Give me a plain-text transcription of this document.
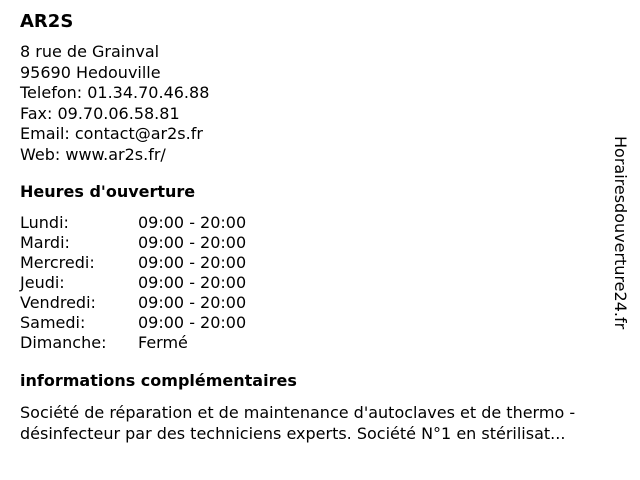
AR2S
8 rue de Grainval
95690 Hedouville
Telefon: 01.34.70.46.88
Fax: 09.70.06.58.81
Email: contact@ar2s.fr
Web: www.ar2s.fr/
Heures d'ouverture
Lundi:	09:00 - 20:00
Mardi:	09:00 - 20:00
Mercredi:	09:00 - 20:00
Jeudi:	09:00 - 20:00
Vendredi:	09:00 - 20:00
Samedi:	09:00 - 20:00
Dimanche:	Fermé
informations complémentaires
Société de réparation et de maintenance d'autoclaves et de thermo -désinfecteur par des techniciens experts. Société N°1 en stérilisat...
Horairesdouverture24.fr
